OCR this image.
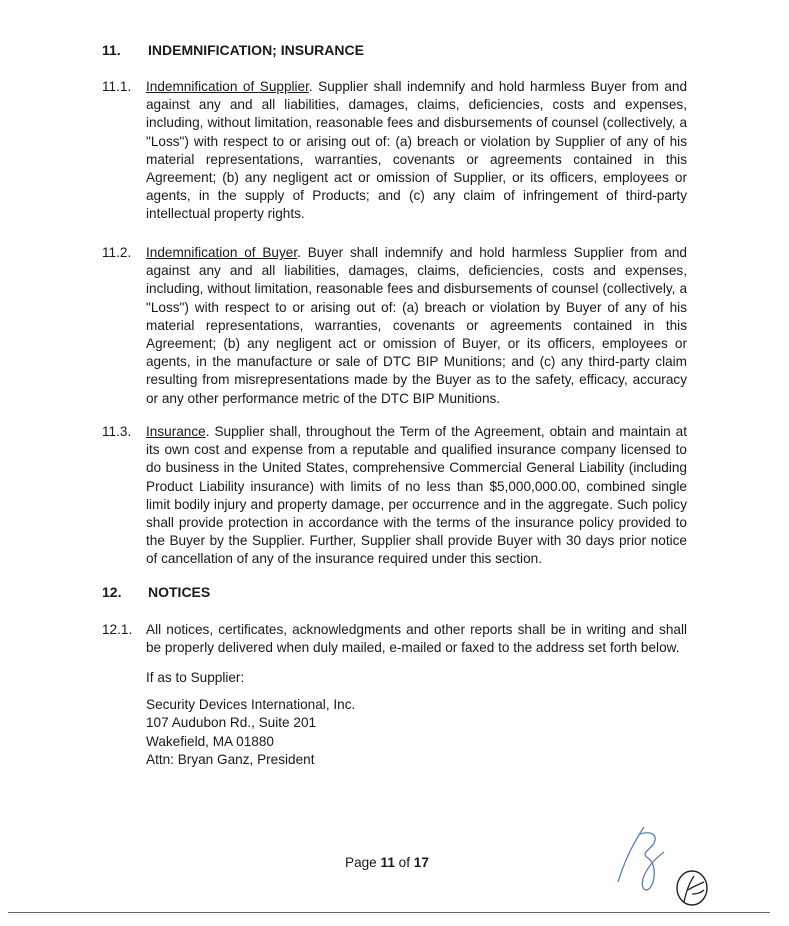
11. INDEMNIFICATION; INSURANCE
11.1. Indemnification of Supplier. Supplier shall indemnify and hold harmless Buyer from and against any and all liabilities, damages, claims, deficiencies, costs and expenses, including, without limitation, reasonable fees and disbursements of counsel (collectively, a "Loss") with respect to or arising out of: (a) breach or violation by Supplier of any of his material representations, warranties, covenants or agreements contained in this Agreement; (b) any negligent act or omission of Supplier, or its officers, employees or agents, in the supply of Products; and (c) any claim of infringement of third-party intellectual property rights.
11.2. Indemnification of Buyer. Buyer shall indemnify and hold harmless Supplier from and against any and all liabilities, damages, claims, deficiencies, costs and expenses, including, without limitation, reasonable fees and disbursements of counsel (collectively, a "Loss") with respect to or arising out of: (a) breach or violation by Buyer of any of his material representations, warranties, covenants or agreements contained in this Agreement; (b) any negligent act or omission of Buyer, or its officers, employees or agents, in the manufacture or sale of DTC BIP Munitions; and (c) any third-party claim resulting from misrepresentations made by the Buyer as to the safety, efficacy, accuracy or any other performance metric of the DTC BIP Munitions.
11.3. Insurance. Supplier shall, throughout the Term of the Agreement, obtain and maintain at its own cost and expense from a reputable and qualified insurance company licensed to do business in the United States, comprehensive Commercial General Liability (including Product Liability insurance) with limits of no less than $5,000,000.00, combined single limit bodily injury and property damage, per occurrence and in the aggregate. Such policy shall provide protection in accordance with the terms of the insurance policy provided to the Buyer by the Supplier. Further, Supplier shall provide Buyer with 30 days prior notice of cancellation of any of the insurance required under this section.
12. NOTICES
12.1. All notices, certificates, acknowledgments and other reports shall be in writing and shall be properly delivered when duly mailed, e-mailed or faxed to the address set forth below.
If as to Supplier:
Security Devices International, Inc.
107 Audubon Rd., Suite 201
Wakefield, MA 01880
Attn: Bryan Ganz, President
Page 11 of 17
